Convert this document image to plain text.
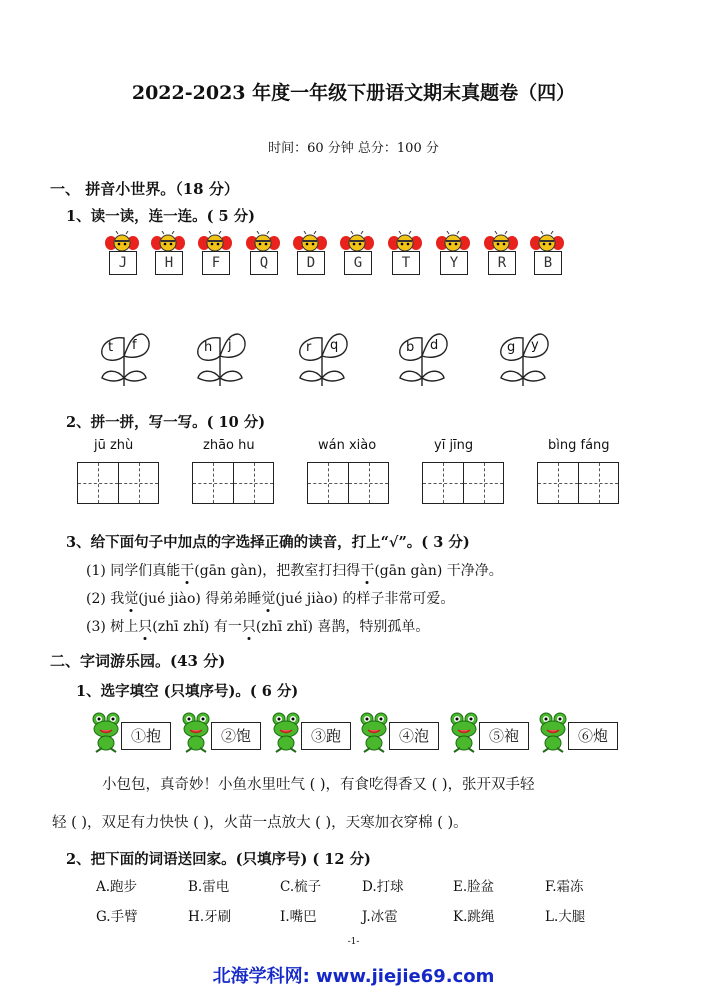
2022-2023 年度一年级下册语文期末真题卷（四）
时间：60 分钟 总分：100 分
一、 拼音小世界。（18 分）
1、读一读，连一连。( 5 分)
J	H	F	Q	D	G	T	Y	R	B
t f	h j	r q	b d	g y
2、拼一拼，写一写。( 10 分)
jū zhù	zhāo hu	wán xiào	yī jīng	bìng fáng
3、给下面句子中加点的字选择正确的读音，打上“√”。( 3 分)
(1) 同学们真能干(gān gàn)，把教室打扫得干(gān gàn) 干净净。
(2) 我觉(jué jiào) 得弟弟睡觉(jué jiào) 的样子非常可爱。
(3) 树上只(zhī zhǐ) 有一只(zhī zhǐ) 喜鹊，特别孤单。
二、字词游乐园。(43 分)
1、选字填空 (只填序号)。( 6 分)
①抱	②饱	③跑	④泡	⑤袍	⑥炮
小包包，真奇妙！小鱼水里吐气 ( )，有食吃得香又 ( )，张开双手轻
轻 ( )，双足有力快快 ( )，火苗一点放大 ( )，天寒加衣穿棉 ( )。
2、把下面的词语送回家。(只填序号) ( 12 分)
A.跑步	B.雷电	C.梳子	D.打球	E.脸盆	F.霜冻
G.手臂	H.牙刷	I.嘴巴	J.冰雹	K.跳绳	L.大腿
-1-
北海学科网: www.jiejie69.com
